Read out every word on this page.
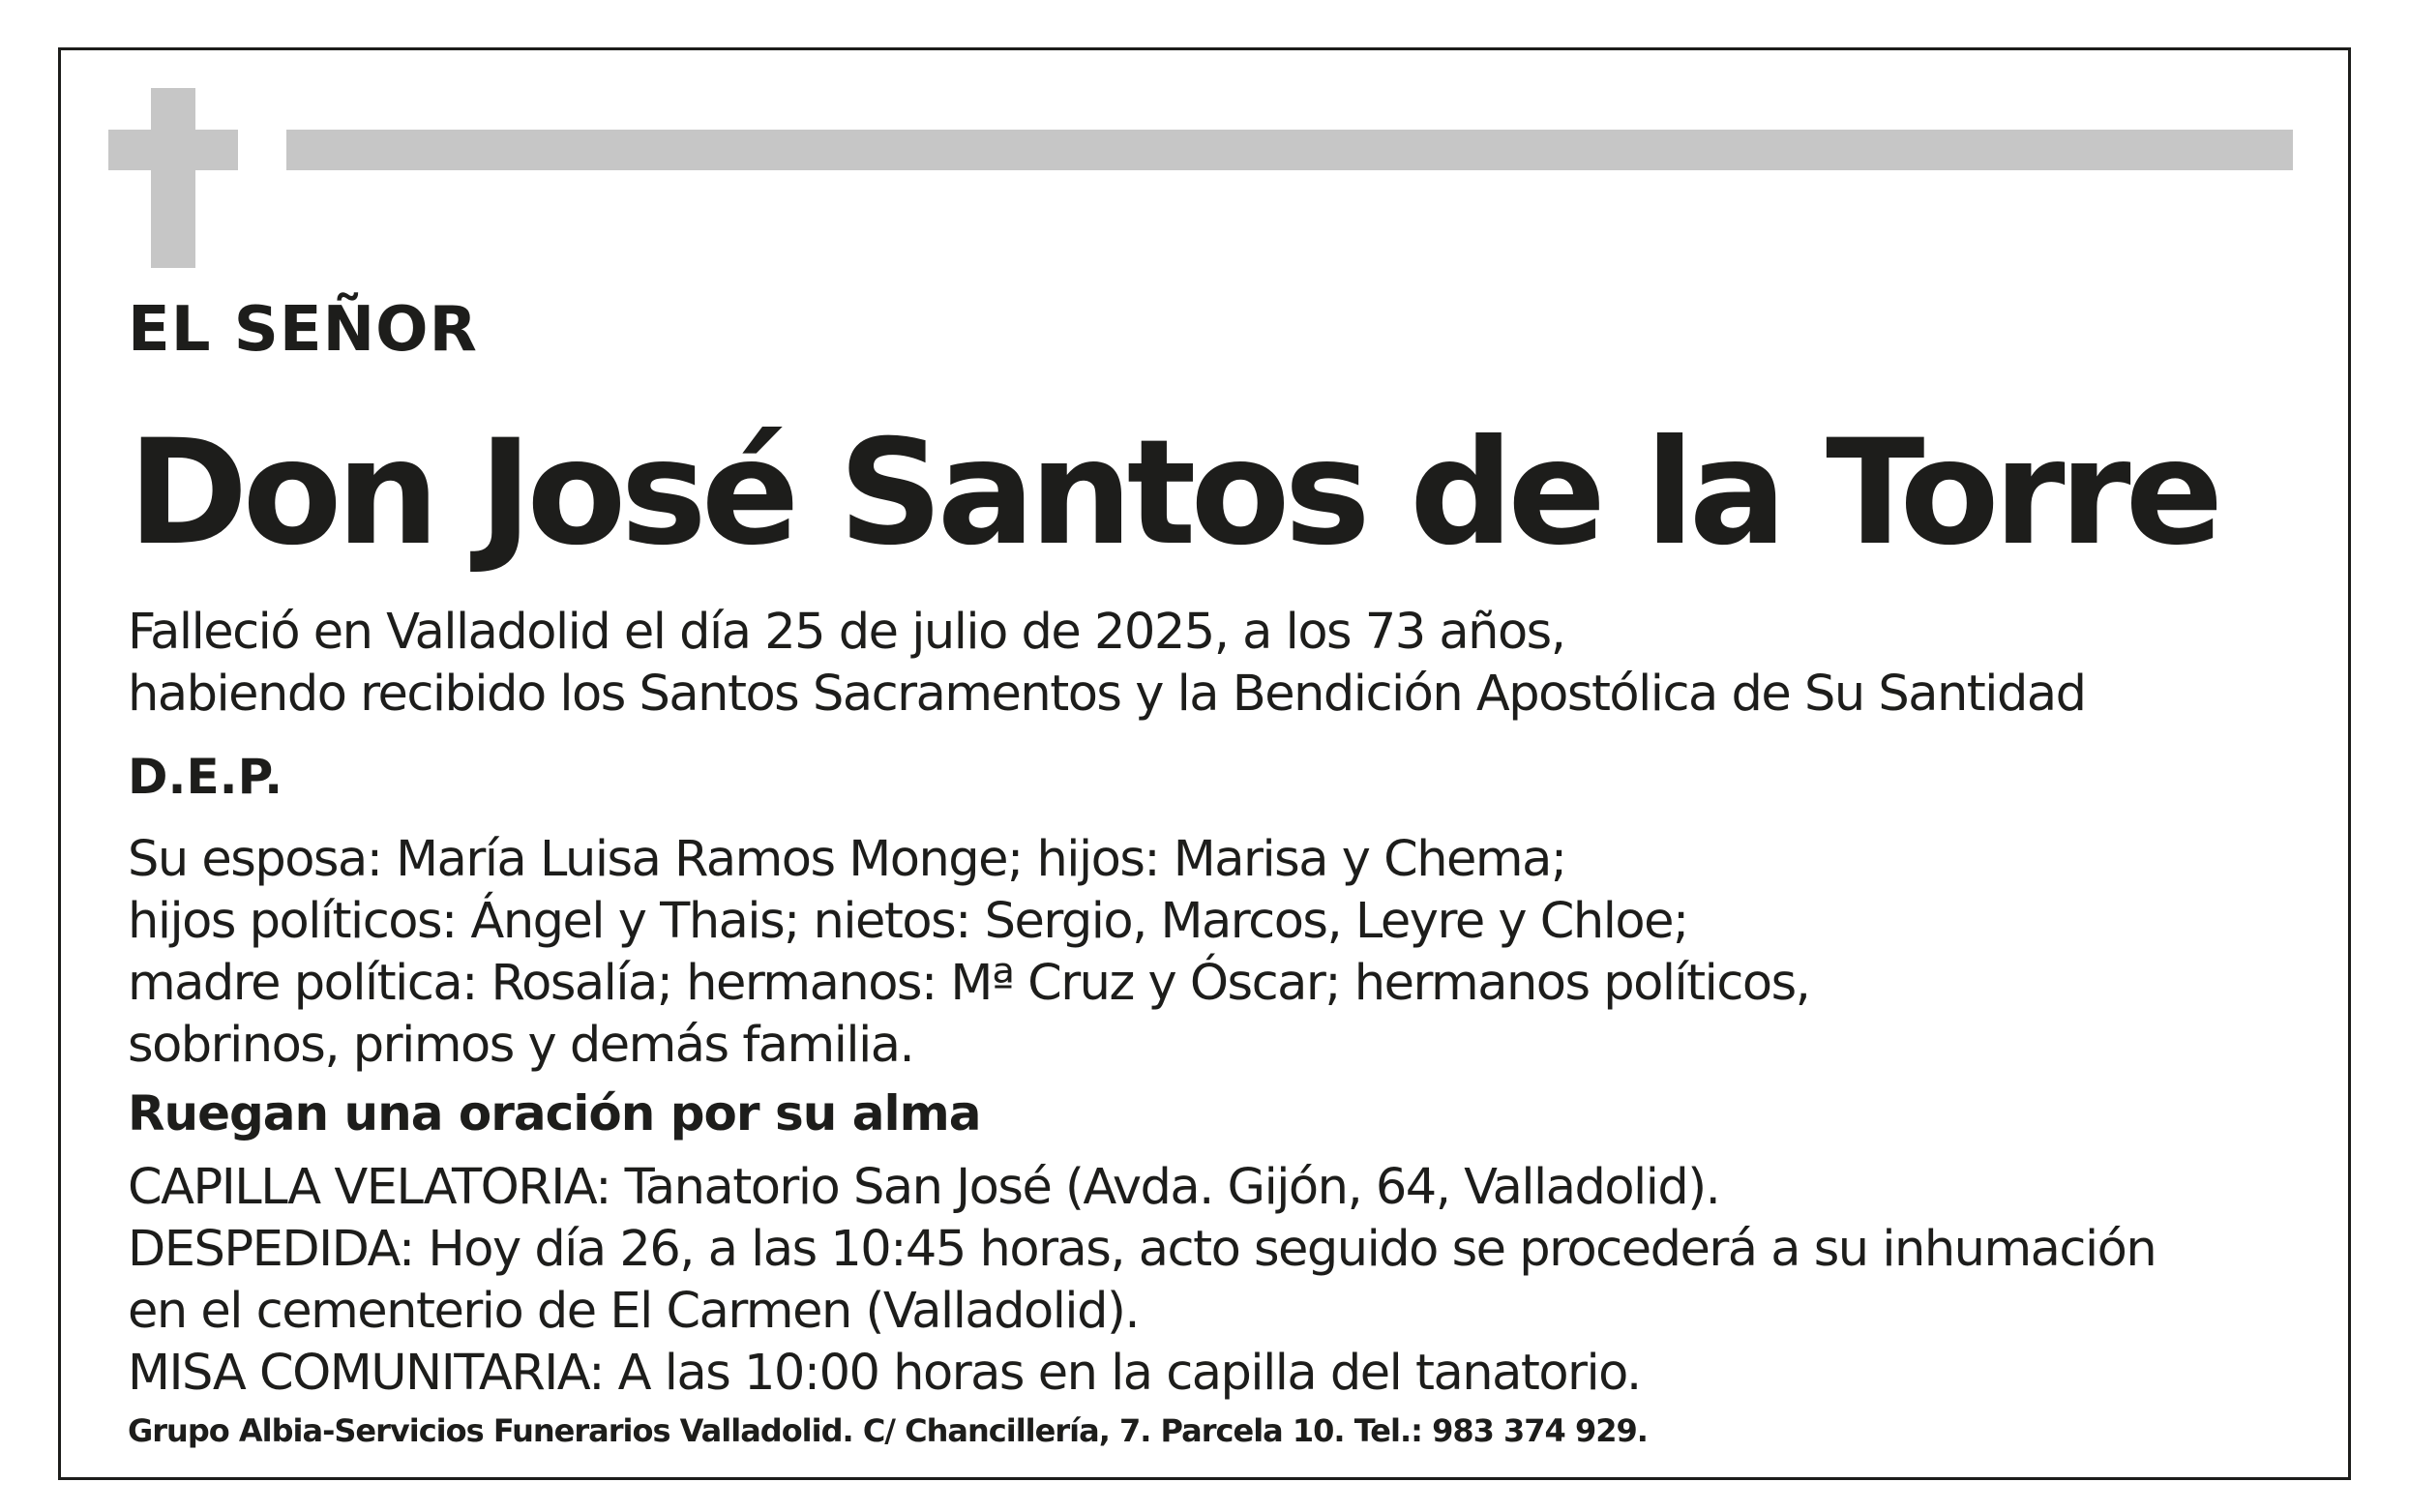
EL SEÑOR
Don José Santos de la Torre
Falleció en Valladolid el día 25 de julio de 2025, a los 73 años,
habiendo recibido los Santos Sacramentos y la Bendición Apostólica de Su Santidad
D.E.P.
Su esposa: María Luisa Ramos Monge; hijos: Marisa y Chema;
hijos políticos: Ángel y Thais; nietos: Sergio, Marcos, Leyre y Chloe;
madre política: Rosalía; hermanos: Mª Cruz y Óscar; hermanos políticos,
sobrinos, primos y demás familia.
Ruegan una oración por su alma
CAPILLA VELATORIA: Tanatorio San José (Avda. Gijón, 64, Valladolid).
DESPEDIDA: Hoy día 26, a las 10:45 horas, acto seguido se procederá a su inhumación
en el cementerio de El Carmen (Valladolid).
MISA COMUNITARIA: A las 10:00 horas en la capilla del tanatorio.
Grupo Albia-Servicios Funerarios Valladolid. C/ Chancillería, 7. Parcela 10. Tel.: 983 374 929.
